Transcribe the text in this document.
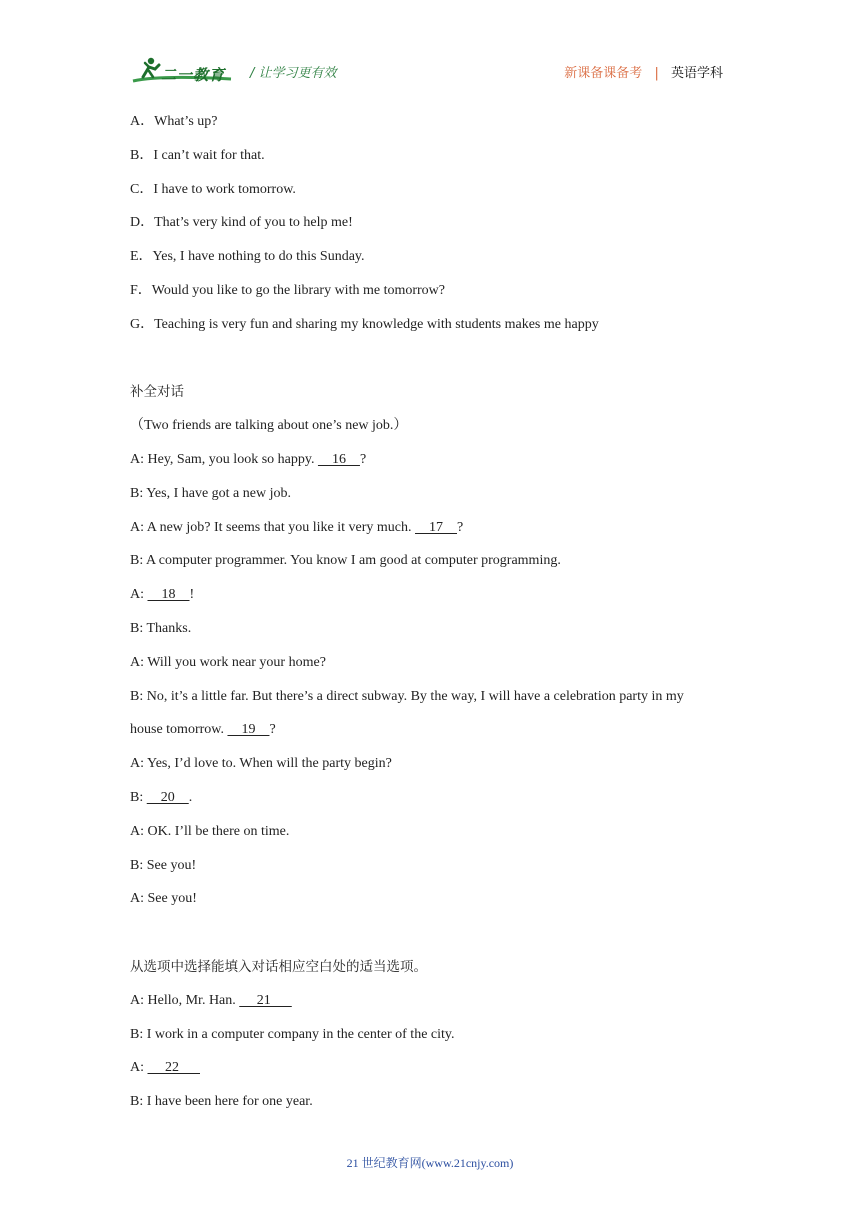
二一教育 / 让学习更有效	新课备课备考 | 英语学科
A．What’s up?
B．I can’t wait for that.
C．I have to work tomorrow.
D．That’s very kind of you to help me!
E．Yes, I have nothing to do this Sunday.
F．Would you like to go the library with me tomorrow?
G．Teaching is very fun and sharing my knowledge with students makes me happy
补全对话
（Two friends are talking about one’s new job.）
A: Hey, Sam, you look so happy.     16    ?
B: Yes, I have got a new job.
A: A new job? It seems that you like it very much.     17    ?
B: A computer programmer. You know I am good at computer programming.
A:     18    !
B: Thanks.
A: Will you work near your home?
B: No, it’s a little far. But there’s a direct subway. By the way, I will have a celebration party in my
house tomorrow.     19    ?
A: Yes, I’d love to. When will the party begin?
B:     20    .
A: OK. I’ll be there on time.
B: See you!
A: See you!
从选项中选择能填入对话相应空白处的适当选项。
A: Hello, Mr. Han.      21
B: I work in a computer company in the center of the city.
A:      22
B: I have been here for one year.
21 世纪教育网(www.21cnjy.com)
